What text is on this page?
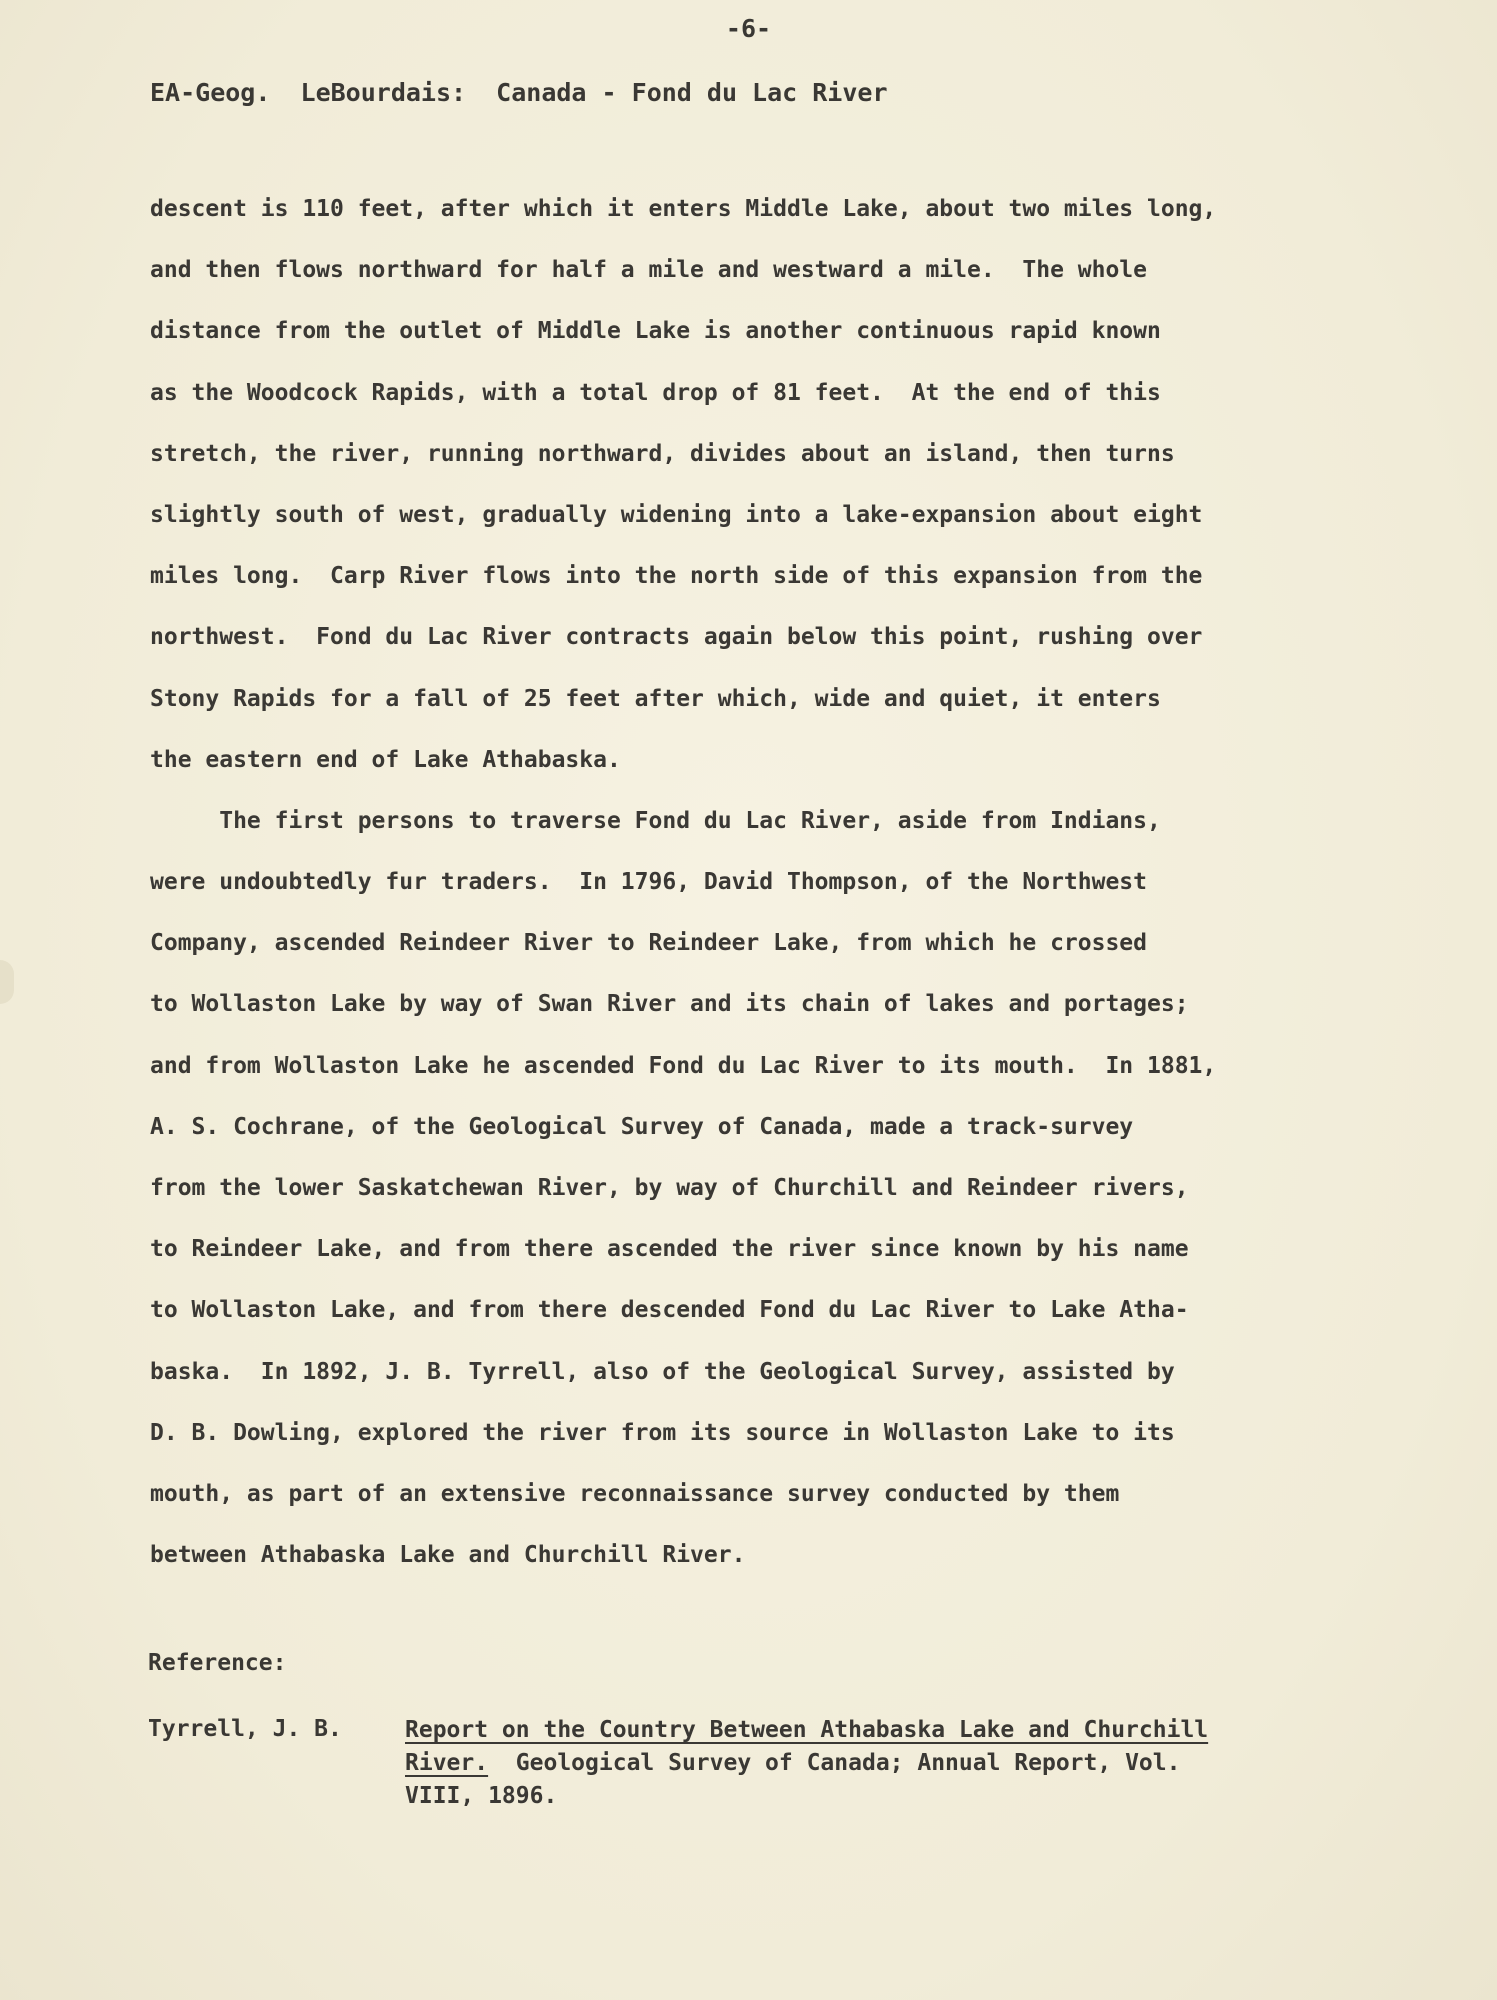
-6-
EA-Geog.  LeBourdais:  Canada - Fond du Lac River
descent is 110 feet, after which it enters Middle Lake, about two miles long,
and then flows northward for half a mile and westward a mile.  The whole
distance from the outlet of Middle Lake is another continuous rapid known
as the Woodcock Rapids, with a total drop of 81 feet.  At the end of this
stretch, the river, running northward, divides about an island, then turns
slightly south of west, gradually widening into a lake-expansion about eight
miles long.  Carp River flows into the north side of this expansion from the
northwest.  Fond du Lac River contracts again below this point, rushing over
Stony Rapids for a fall of 25 feet after which, wide and quiet, it enters
the eastern end of Lake Athabaska.
The first persons to traverse Fond du Lac River, aside from Indians,
were undoubtedly fur traders.  In 1796, David Thompson, of the Northwest
Company, ascended Reindeer River to Reindeer Lake, from which he crossed
to Wollaston Lake by way of Swan River and its chain of lakes and portages;
and from Wollaston Lake he ascended Fond du Lac River to its mouth.  In 1881,
A. S. Cochrane, of the Geological Survey of Canada, made a track-survey
from the lower Saskatchewan River, by way of Churchill and Reindeer rivers,
to Reindeer Lake, and from there ascended the river since known by his name
to Wollaston Lake, and from there descended Fond du Lac River to Lake Atha-
baska.  In 1892, J. B. Tyrrell, also of the Geological Survey, assisted by
D. B. Dowling, explored the river from its source in Wollaston Lake to its
mouth, as part of an extensive reconnaissance survey conducted by them
between Athabaska Lake and Churchill River.
Reference:
Tyrrell, J. B.	Report on the Country Between Athabaska Lake and Churchill
River.  Geological Survey of Canada; Annual Report, Vol.
VIII, 1896.
